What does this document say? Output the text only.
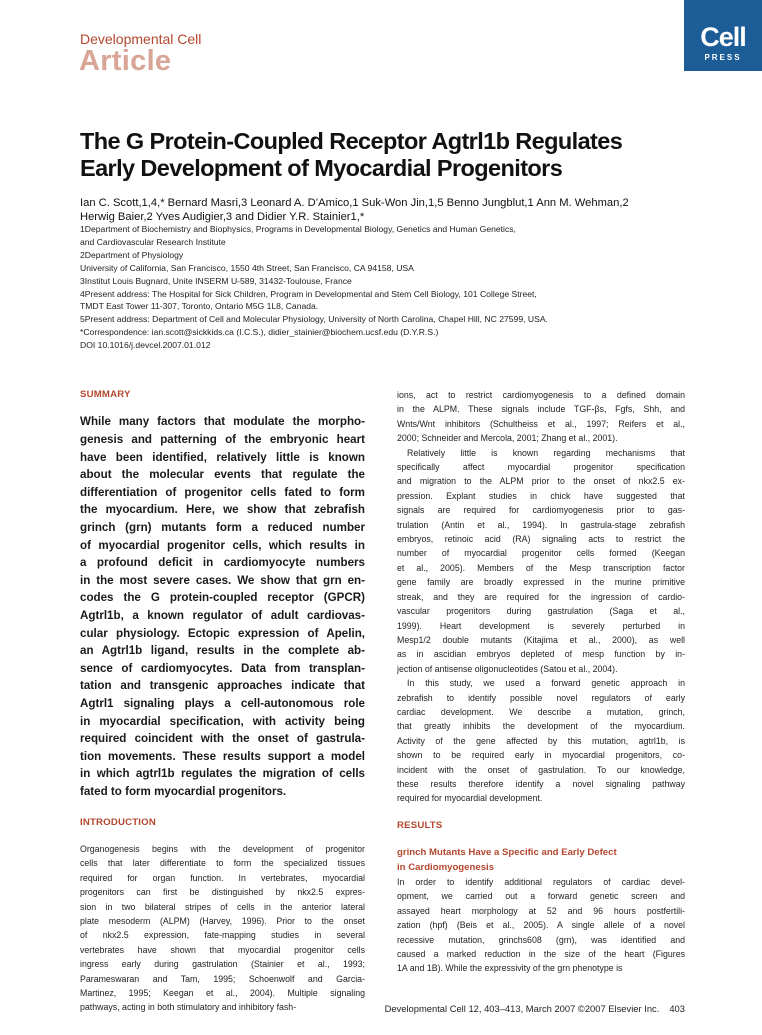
Developmental Cell
Article
Cell
PRESS
The G Protein-Coupled Receptor Agtrl1b Regulates
Early Development of Myocardial Progenitors
Ian C. Scott,1,4,* Bernard Masri,3 Leonard A. D’Amico,1 Suk-Won Jin,1,5 Benno Jungblut,1 Ann M. Wehman,2
Herwig Baier,2 Yves Audigier,3 and Didier Y.R. Stainier1,*
1Department of Biochemistry and Biophysics, Programs in Developmental Biology, Genetics and Human Genetics,
and Cardiovascular Research Institute
2Department of Physiology
University of California, San Francisco, 1550 4th Street, San Francisco, CA 94158, USA
3Institut Louis Bugnard, Unite INSERM U-589, 31432-Toulouse, France
4Present address: The Hospital for Sick Children, Program in Developmental and Stem Cell Biology, 101 College Street,
TMDT East Tower 11-307, Toronto, Ontario M5G 1L8, Canada.
5Present address: Department of Cell and Molecular Physiology, University of North Carolina, Chapel Hill, NC 27599, USA.
*Correspondence: ian.scott@sickkids.ca (I.C.S.), didier_stainier@biochem.ucsf.edu (D.Y.R.S.)
DOI 10.1016/j.devcel.2007.01.012
SUMMARY
While many factors that modulate the morpho-
genesis and patterning of the embryonic heart
have been identified, relatively little is known
about the molecular events that regulate the
differentiation of progenitor cells fated to form
the myocardium. Here, we show that zebrafish
grinch (grn) mutants form a reduced number
of myocardial progenitor cells, which results in
a profound deficit in cardiomyocyte numbers
in the most severe cases. We show that grn en-
codes the G protein-coupled receptor (GPCR)
Agtrl1b, a known regulator of adult cardiovas-
cular physiology. Ectopic expression of Apelin,
an Agtrl1b ligand, results in the complete ab-
sence of cardiomyocytes. Data from transplan-
tation and transgenic approaches indicate that
Agtrl1 signaling plays a cell-autonomous role
in myocardial specification, with activity being
required coincident with the onset of gastrula-
tion movements. These results support a model
in which agtrl1b regulates the migration of cells
fated to form myocardial progenitors.
INTRODUCTION
Organogenesis begins with the development of progenitor
cells that later differentiate to form the specialized tissues
required for organ function. In vertebrates, myocardial
progenitors can first be distinguished by nkx2.5 expres-
sion in two bilateral stripes of cells in the anterior lateral
plate mesoderm (ALPM) (Harvey, 1996). Prior to the onset
of nkx2.5 expression, fate-mapping studies in several
vertebrates have shown that myocardial progenitor cells
ingress early during gastrulation (Stainier et al., 1993;
Parameswaran and Tam, 1995; Schoenwolf and Garcia-
Martinez, 1995; Keegan et al., 2004). Multiple signaling
pathways, acting in both stimulatory and inhibitory fash-
ions, act to restrict cardiomyogenesis to a defined domain
in the ALPM. These signals include TGF-βs, Fgfs, Shh, and
Wnts/Wnt inhibitors (Schultheiss et al., 1997; Reifers et al.,
2000; Schneider and Mercola, 2001; Zhang et al., 2001).
Relatively little is known regarding mechanisms that
specifically affect myocardial progenitor specification
and migration to the ALPM prior to the onset of nkx2.5 ex-
pression. Explant studies in chick have suggested that
signals are required for cardiomyogenesis prior to gas-
trulation (Antin et al., 1994). In gastrula-stage zebrafish
embryos, retinoic acid (RA) signaling acts to restrict the
number of myocardial progenitor cells formed (Keegan
et al., 2005). Members of the Mesp transcription factor
gene family are broadly expressed in the murine primitive
streak, and they are required for the ingression of cardio-
vascular progenitors during gastrulation (Saga et al.,
1999). Heart development is severely perturbed in
Mesp1/2 double mutants (Kitajima et al., 2000), as well
as in ascidian embryos depleted of mesp function by in-
jection of antisense oligonucleotides (Satou et al., 2004).
In this study, we used a forward genetic approach in
zebrafish to identify possible novel regulators of early
cardiac development. We describe a mutation, grinch,
that greatly inhibits the development of the myocardium.
Activity of the gene affected by this mutation, agtrl1b, is
shown to be required early in myocardial progenitors, co-
incident with the onset of gastrulation. To our knowledge,
these results therefore identify a novel signaling pathway
required for myocardial development.
RESULTS
grinch Mutants Have a Specific and Early Defect
in Cardiomyogenesis
In order to identify additional regulators of cardiac devel-
opment, we carried out a forward genetic screen and
assayed heart morphology at 52 and 96 hours postfertili-
zation (hpf) (Beis et al., 2005). A single allele of a novel
recessive mutation, grinchs608 (grn), was identified and
caused a marked reduction in the size of the heart (Figures
1A and 1B). While the expressivity of the grn phenotype is
Developmental Cell 12, 403–413, March 2007 ©2007 Elsevier Inc. 403
